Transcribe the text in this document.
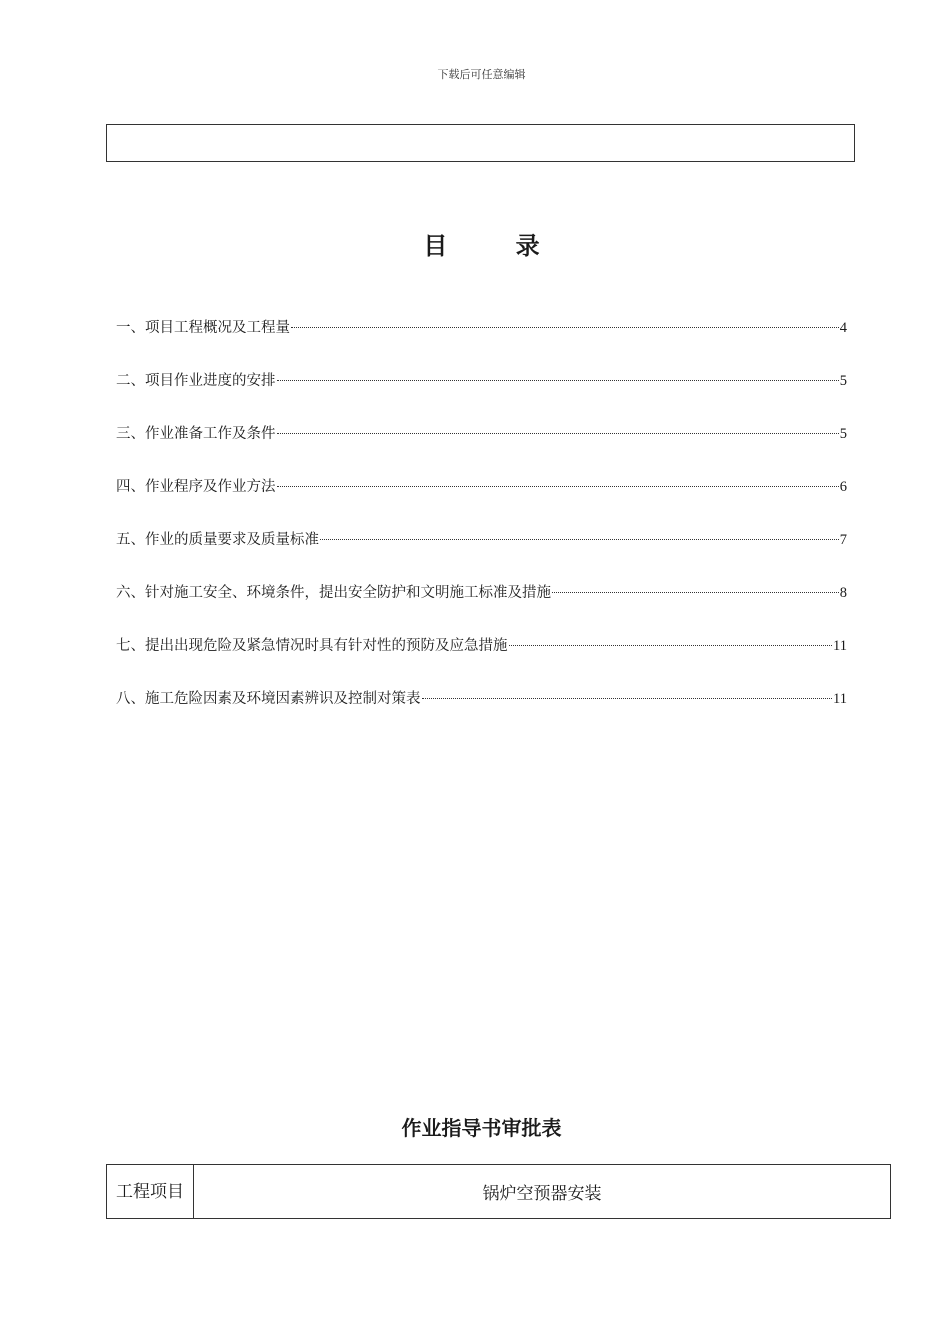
下载后可任意编辑
目 录
一、项目工程概况及工程量	4
二、项目作业进度的安排	5
三、作业准备工作及条件	5
四、作业程序及作业方法	6
五、作业的质量要求及质量标准	7
六、针对施工安全、环境条件，提出安全防护和文明施工标准及措施	8
七、提出出现危险及紧急情况时具有针对性的预防及应急措施	11
八、施工危险因素及环境因素辨识及控制对策表	11
作业指导书审批表
工程项目	锅炉空预器安装
